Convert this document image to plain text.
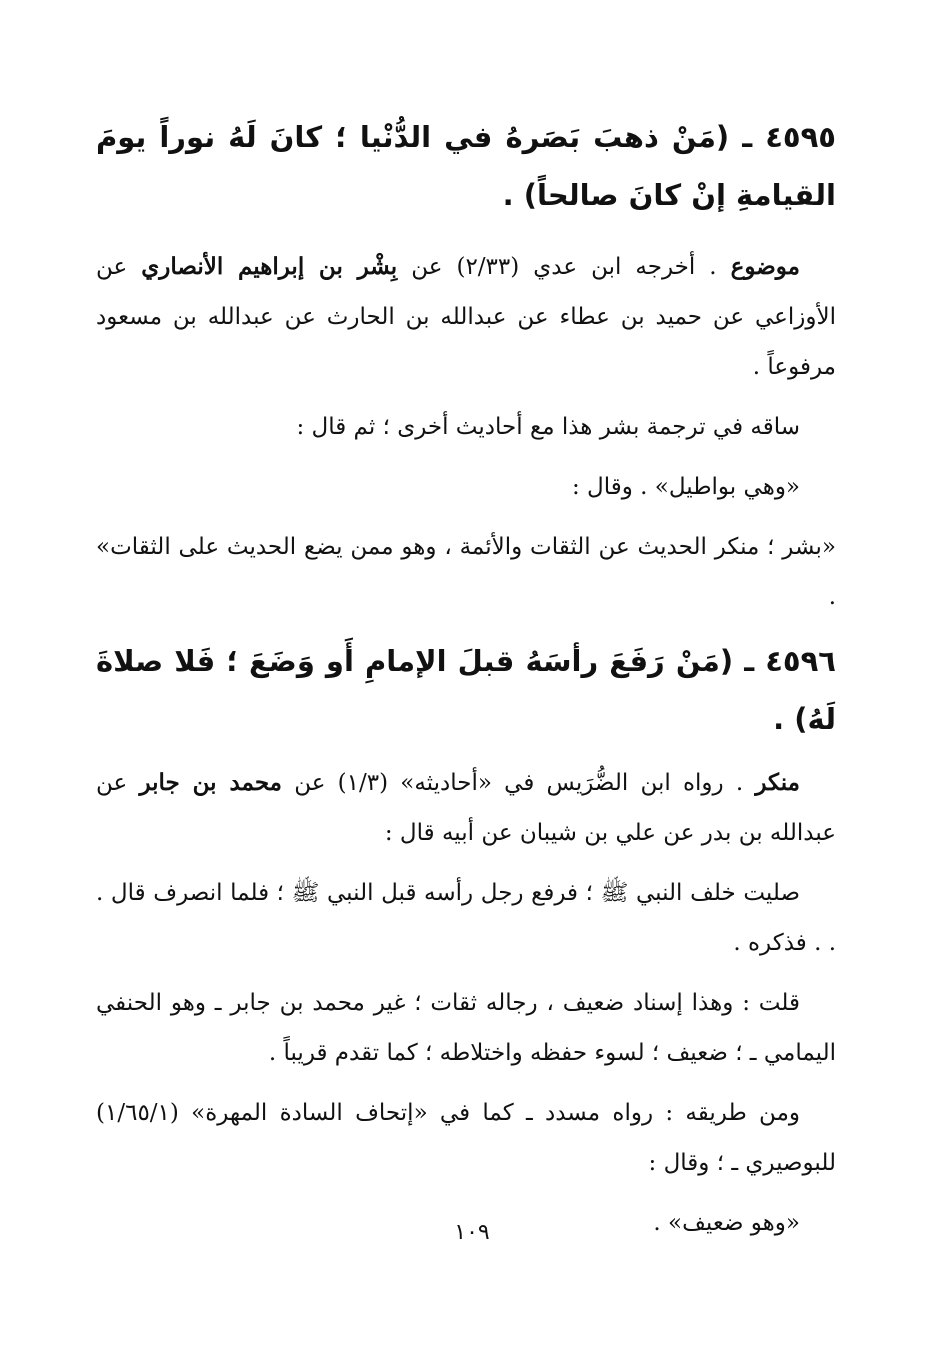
٤٥٩٥ ـ (مَنْ ذهبَ بَصَرهُ في الدُّنْيا ؛ كانَ لَهُ نوراً يومَ القيامةِ إنْ كانَ صالحاً) .

موضوع . أخرجه ابن عدي (٢/٣٣) عن بِشْر بن إبراهيم الأنصاري عن الأوزاعي عن حميد بن عطاء عن عبدالله بن الحارث عن عبدالله بن مسعود مرفوعاً .

ساقه في ترجمة بشر هذا مع أحاديث أخرى ؛ ثم قال :

«وهي بواطيل» . وقال :

«بشر ؛ منكر الحديث عن الثقات والأئمة ، وهو ممن يضع الحديث على الثقات» .

٤٥٩٦ ـ (مَنْ رَفَعَ رأسَهُ قبلَ الإمامِ أَو وَضَعَ ؛ فَلا صلاةَ لَهُ) .

منكر . رواه ابن الضُّرَيس في «أحاديثه» (١/٣) عن محمد بن جابر عن عبدالله بن بدر عن علي بن شيبان عن أبيه قال :

صليت خلف النبي ﷺ ؛ فرفع رجل رأسه قبل النبي ﷺ ؛ فلما انصرف قال . . . فذكره .

قلت : وهذا إسناد ضعيف ، رجاله ثقات ؛ غير محمد بن جابر ـ وهو الحنفي اليمامي ـ ؛ ضعيف ؛ لسوء حفظه واختلاطه ؛ كما تقدم قريباً .

ومن طريقه : رواه مسدد ـ كما في «إتحاف السادة المهرة» (١/٦٥/١) للبوصيري ـ ؛ وقال :

«وهو ضعيف» .

١٠٩
